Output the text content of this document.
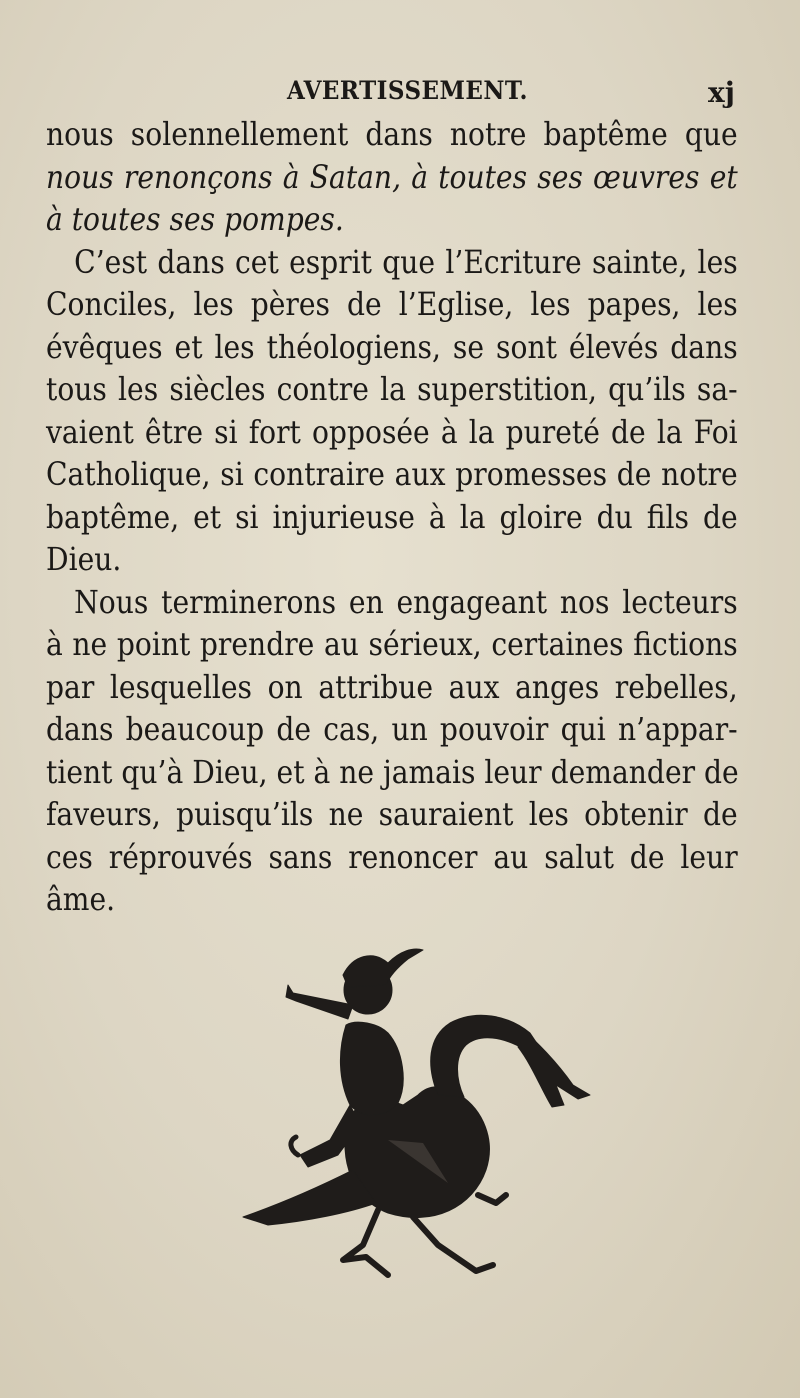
AVERTISSEMENT.	xj
nous solennellement dans notre baptême que
nous renonçons à Satan, à toutes ses œuvres et
à toutes ses pompes.
C’est dans cet esprit que l’Ecriture sainte, les
Conciles, les pères de l’Eglise, les papes, les
évêques et les théologiens, se sont élevés dans
tous les siècles contre la superstition, qu’ils sa-
vaient être si fort opposée à la pureté de la Foi
Catholique, si contraire aux promesses de notre
baptême, et si injurieuse à la gloire du fils de
Dieu.
Nous terminerons en engageant nos lecteurs
à ne point prendre au sérieux, certaines fictions
par lesquelles on attribue aux anges rebelles,
dans beaucoup de cas, un pouvoir qui n’appar-
tient qu’à Dieu, et à ne jamais leur demander de
faveurs, puisqu’ils ne sauraient les obtenir de
ces réprouvés sans renoncer au salut de leur
âme.
